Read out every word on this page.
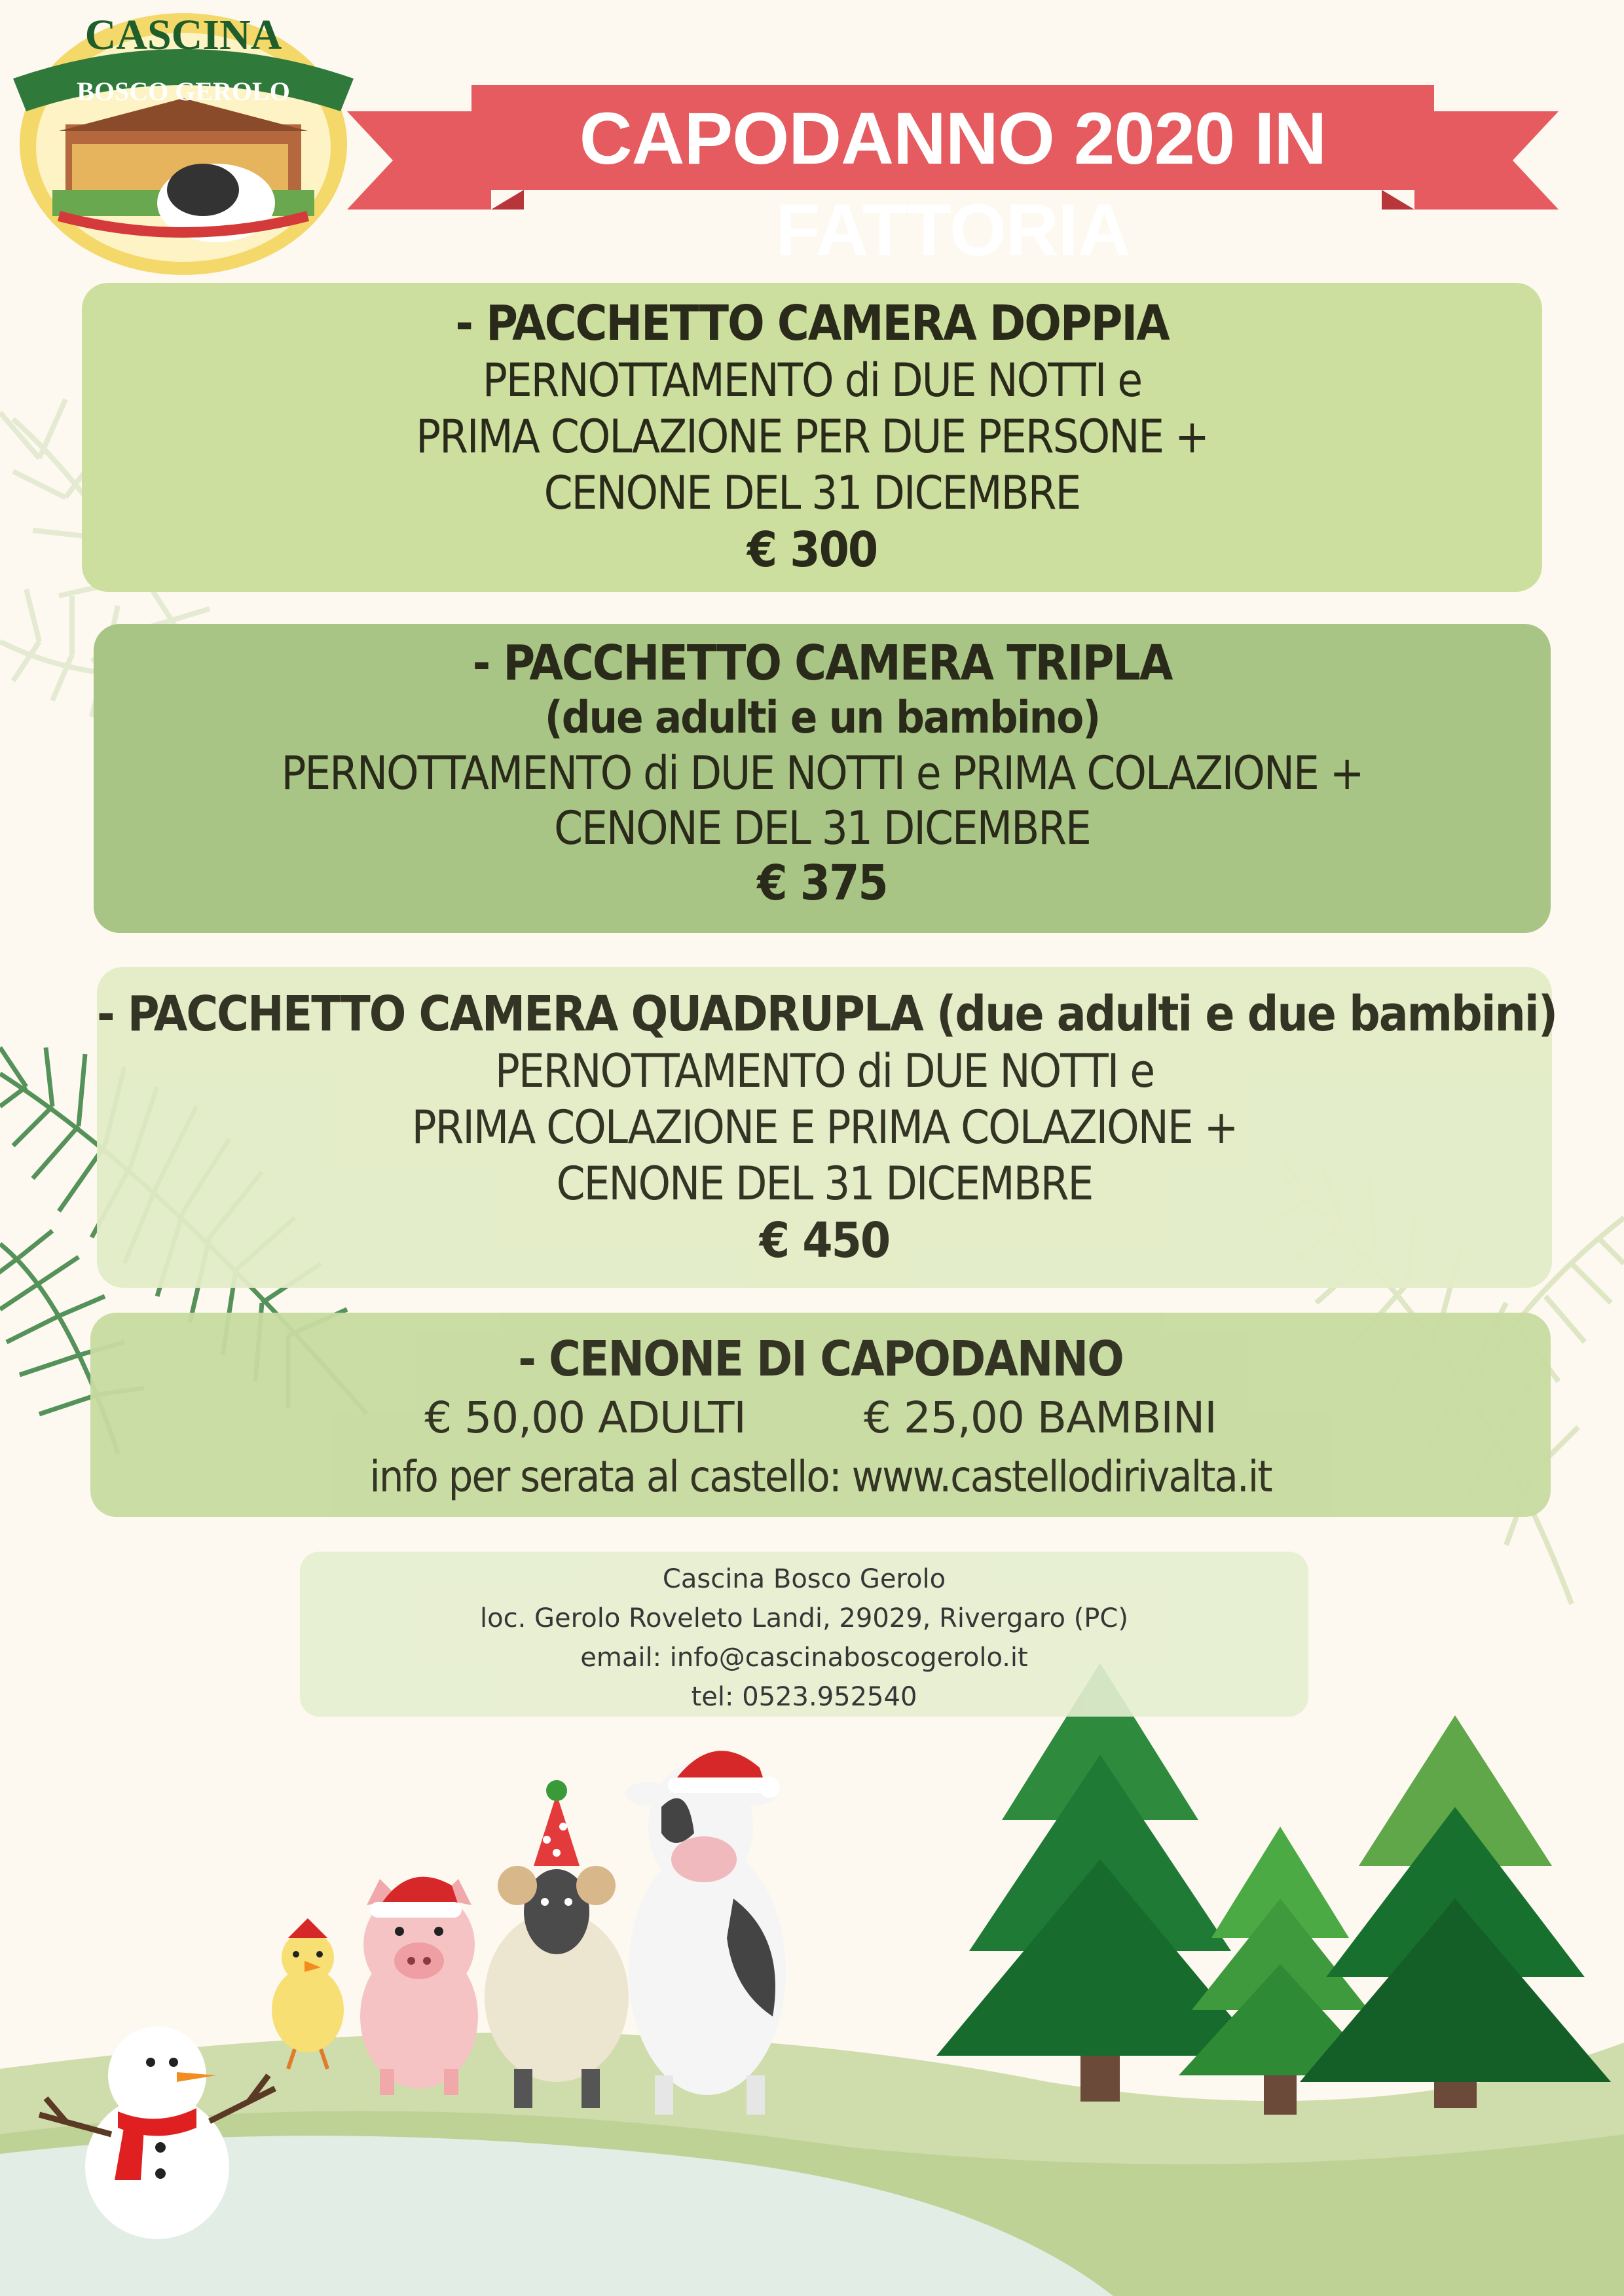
CASCINA
BOSCO GEROLO
CAPODANNO 2020 IN FATTORIA
- PACCHETTO CAMERA DOPPIA
PERNOTTAMENTO di DUE NOTTI e
PRIMA COLAZIONE PER DUE PERSONE +
CENONE DEL 31 DICEMBRE
€ 300
- PACCHETTO CAMERA TRIPLA
(due adulti e un bambino)
PERNOTTAMENTO di DUE NOTTI e PRIMA COLAZIONE +
CENONE DEL 31 DICEMBRE
€ 375
- PACCHETTO CAMERA QUADRUPLA (due adulti e due bambini)
PERNOTTAMENTO di DUE NOTTI e
PRIMA COLAZIONE E PRIMA COLAZIONE +
CENONE DEL 31 DICEMBRE
€ 450
- CENONE DI CAPODANNO
€ 50,00 ADULTI	€ 25,00 BAMBINI
info per serata al castello: www.castellodirivalta.it
Cascina Bosco Gerolo
loc. Gerolo Roveleto Landi, 29029, Rivergaro (PC)
email: info@cascinaboscogerolo.it
tel: 0523.952540
